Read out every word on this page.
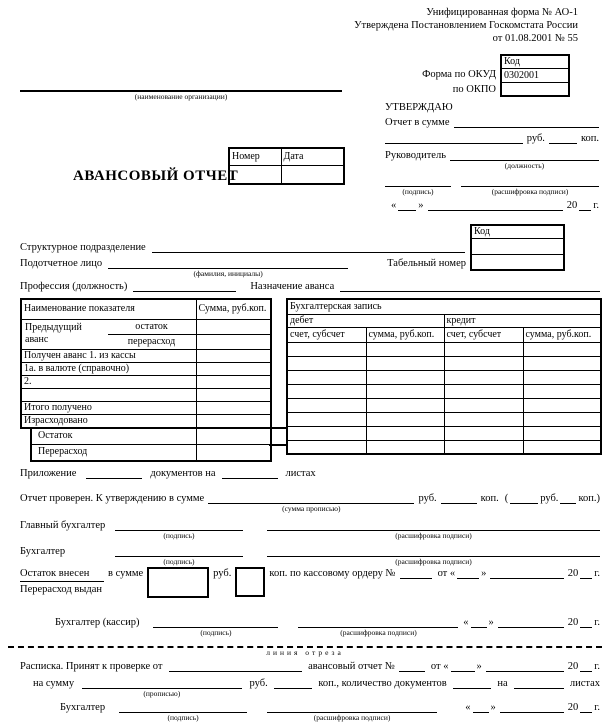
Унифицированная форма № АО-1
Утверждена Постановлением Госкомстата России
от 01.08.2001 № 55
Форма по ОКУД
по ОКПО
Код
0302001

(наименование организации)
АВАНСОВЫЙ ОТЧЕТ
Номер	Дата

УТВЕРЖДАЮ
Отчет в сумме
руб.	коп.
Руководитель
(должность)
(подпись)	(расшифровка подписи)
« »	20 г.
Код

Структурное подразделение
Подотчетное лицо
(фамилия, инициалы)
Табельный номер
Профессия (должность)	Назначение аванса
Наименование показателя	Сумма, руб.коп.

Предыдущий аванс
остаток
перерасход	

Получен аванс 1. из кассы	
1а. в валюте (справочно)	
2.	

Итого получено	
Израсходовано	
Остаток	
Перерасход	
Бухгалтерская запись			
дебет		кредит	
счет, субсчет	сумма, руб.коп.	счет, субсчет	сумма, руб.коп.

Приложение	документов на	листах
Отчет проверен. К утверждению в сумме
(сумма прописью)
руб.	коп. (	руб. коп.)
Главный бухгалтер
(подпись)	(расшифровка подписи)
Бухгалтер
(подпись)	(расшифровка подписи)
Остаток внесен
Перерасход выдан
в сумме	руб.	коп. по кассовому ордеру №	от « »	20 г.
Бухгалтер (кассир)
(подпись)	(расшифровка подписи)
« »	20 г.
линия отреза
Расписка. Принят к проверке от	авансовый отчет №	от «	»	20 г.
на сумму
(прописью)
руб.	коп., количество документов	на	листах
Бухгалтер
(подпись)	(расшифровка подписи)
« »	20 г.
